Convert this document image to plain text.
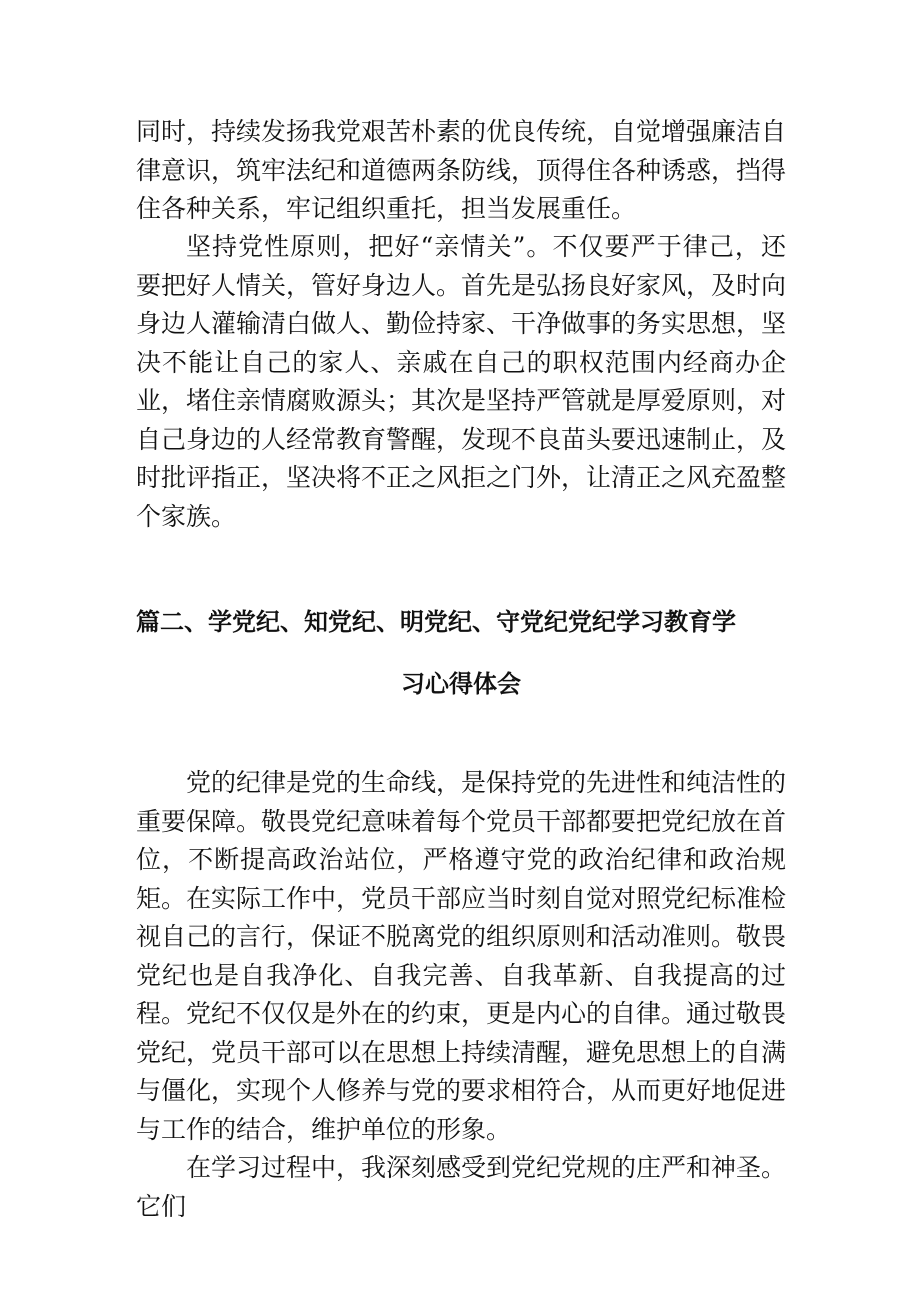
同时，持续发扬我党艰苦朴素的优良传统，自觉增强廉洁自律意识，筑牢法纪和道德两条防线，顶得住各种诱惑，挡得住各种关系，牢记组织重托，担当发展重任。

坚持党性原则，把好“亲情关”。不仅要严于律己，还要把好人情关，管好身边人。首先是弘扬良好家风，及时向身边人灌输清白做人、勤俭持家、干净做事的务实思想，坚决不能让自己的家人、亲戚在自己的职权范围内经商办企业，堵住亲情腐败源头；其次是坚持严管就是厚爱原则，对自己身边的人经常教育警醒，发现不良苗头要迅速制止，及时批评指正，坚决将不正之风拒之门外，让清正之风充盈整个家族。

篇二、学党纪、知党纪、明党纪、守党纪党纪学习教育学
习心得体会

党的纪律是党的生命线，是保持党的先进性和纯洁性的重要保障。敬畏党纪意味着每个党员干部都要把党纪放在首位，不断提高政治站位，严格遵守党的政治纪律和政治规矩。在实际工作中，党员干部应当时刻自觉对照党纪标准检视自己的言行，保证不脱离党的组织原则和活动准则。敬畏党纪也是自我净化、自我完善、自我革新、自我提高的过程。党纪不仅仅是外在的约束，更是内心的自律。通过敬畏党纪，党员干部可以在思想上持续清醒，避免思想上的自满与僵化，实现个人修养与党的要求相符合，从而更好地促进与工作的结合，维护单位的形象。

在学习过程中，我深刻感受到党纪党规的庄严和神圣。它们
